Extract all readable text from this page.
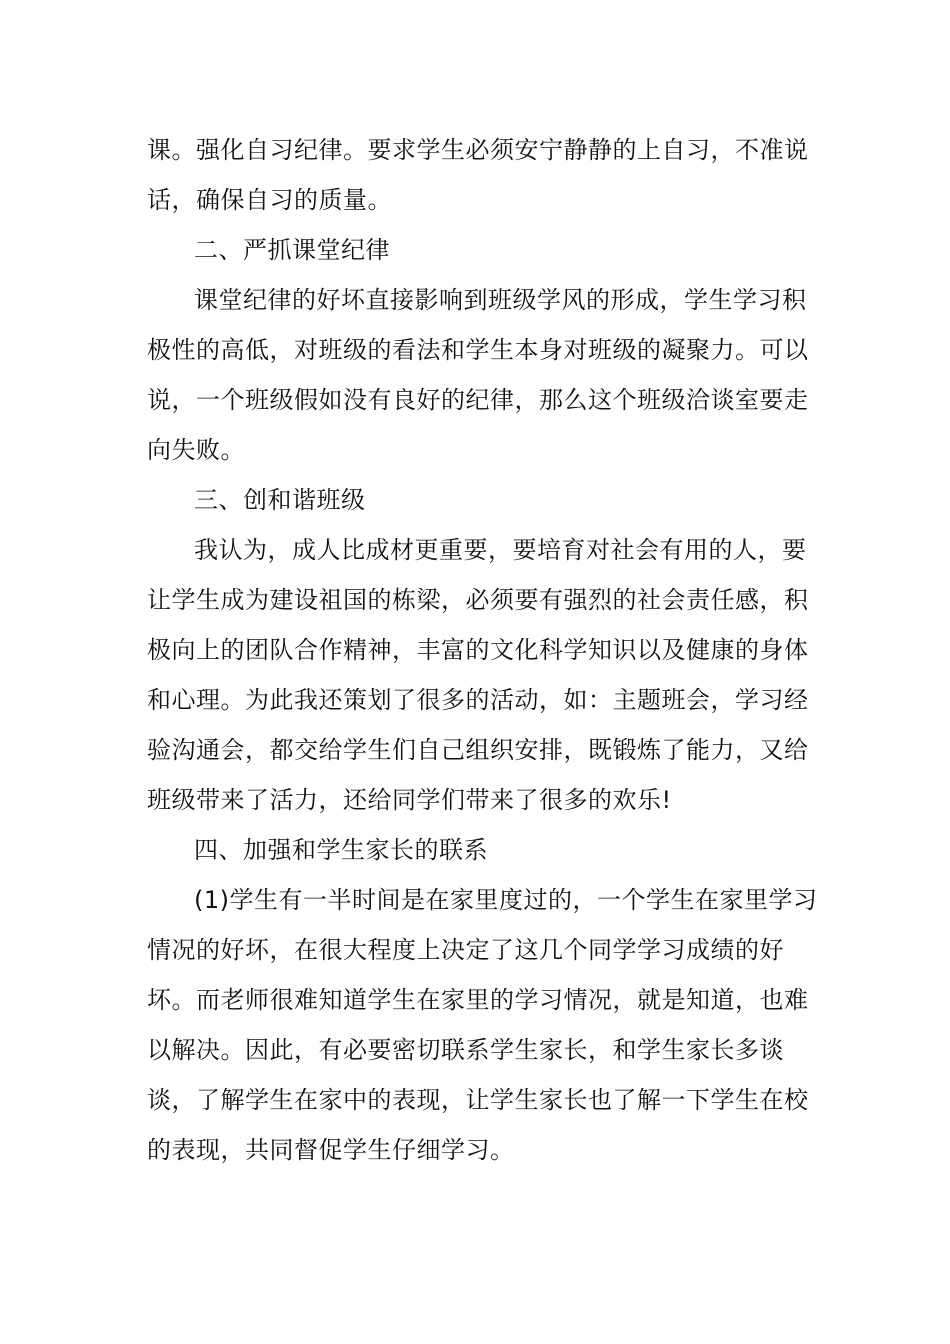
课。强化自习纪律。要求学生必须安宁静静的上自习，不准说
话，确保自习的质量。
二、严抓课堂纪律
课堂纪律的好坏直接影响到班级学风的形成，学生学习积
极性的高低，对班级的看法和学生本身对班级的凝聚力。可以
说，一个班级假如没有良好的纪律，那么这个班级洽谈室要走
向失败。
三、创和谐班级
我认为，成人比成材更重要，要培育对社会有用的人，要
让学生成为建设祖国的栋梁，必须要有强烈的社会责任感，积
极向上的团队合作精神，丰富的文化科学知识以及健康的身体
和心理。为此我还策划了很多的活动，如：主题班会，学习经
验沟通会，都交给学生们自己组织安排，既锻炼了能力，又给
班级带来了活力，还给同学们带来了很多的欢乐!
四、加强和学生家长的联系
(1)学生有一半时间是在家里度过的，一个学生在家里学习
情况的好坏，在很大程度上决定了这几个同学学习成绩的好
坏。而老师很难知道学生在家里的学习情况，就是知道，也难
以解决。因此，有必要密切联系学生家长，和学生家长多谈
谈，了解学生在家中的表现，让学生家长也了解一下学生在校
的表现，共同督促学生仔细学习。
